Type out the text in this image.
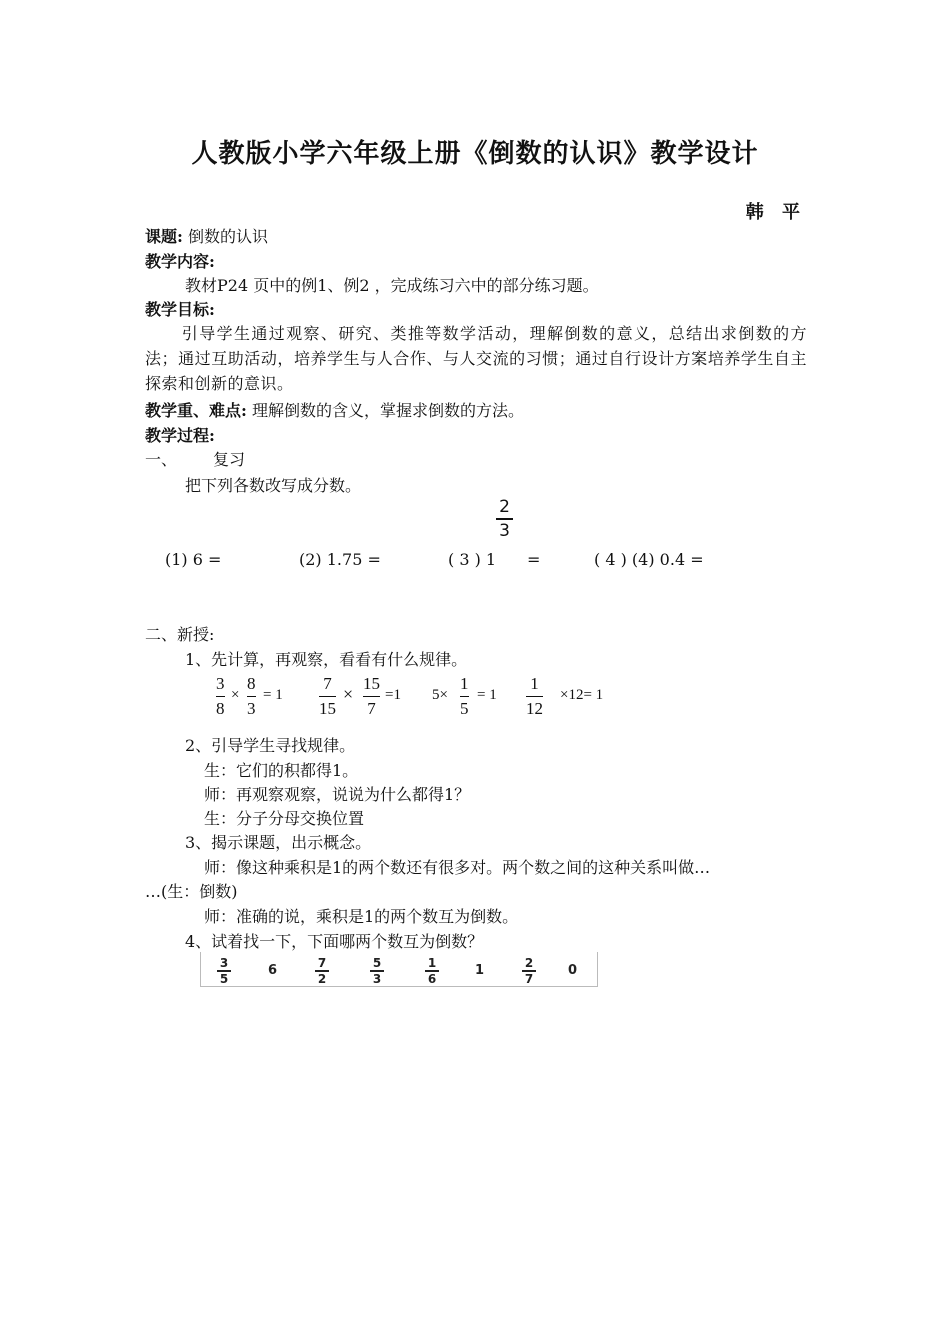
人教版小学六年级上册《倒数的认识》教学设计
韩 平
课题: 倒数的认识
教学内容:
教材P24 页中的例1、例2 ，完成练习六中的部分练习题。
教学目标:
引导学生通过观察、研究、类推等数学活动，理解倒数的意义，总结出求倒数的方法；通过互助活动，培养学生与人合作、与人交流的习惯；通过自行设计方案培养学生自主探索和创新的意识。
教学重、难点: 理解倒数的含义，掌握求倒数的方法。
教学过程:
一、 复习
把下列各数改写成分数。
2
3
(1) 6 =	(2) 1.75 =	( 3 ) 1 =	( 4 ) (4) 0.4 =
二、新授:
1、先计算，再观察，看看有什么规律。
3
8
×
8
3
= 1
7
15
×
15
7
=1 5×
1
5
= 1
1
12
×12= 1
2、引导学生寻找规律。
生：它们的积都得1。
师：再观察观察，说说为什么都得1？
生：分子分母交换位置
3、揭示课题，出示概念。
师：像这种乘积是1的两个数还有很多对。两个数之间的这种关系叫做…
…(生：倒数)
师：准确的说，乘积是1的两个数互为倒数。
4、试着找一下，下面哪两个数互为倒数？
3
5
6	7
2
5
3
1
6
1	2
7
0
